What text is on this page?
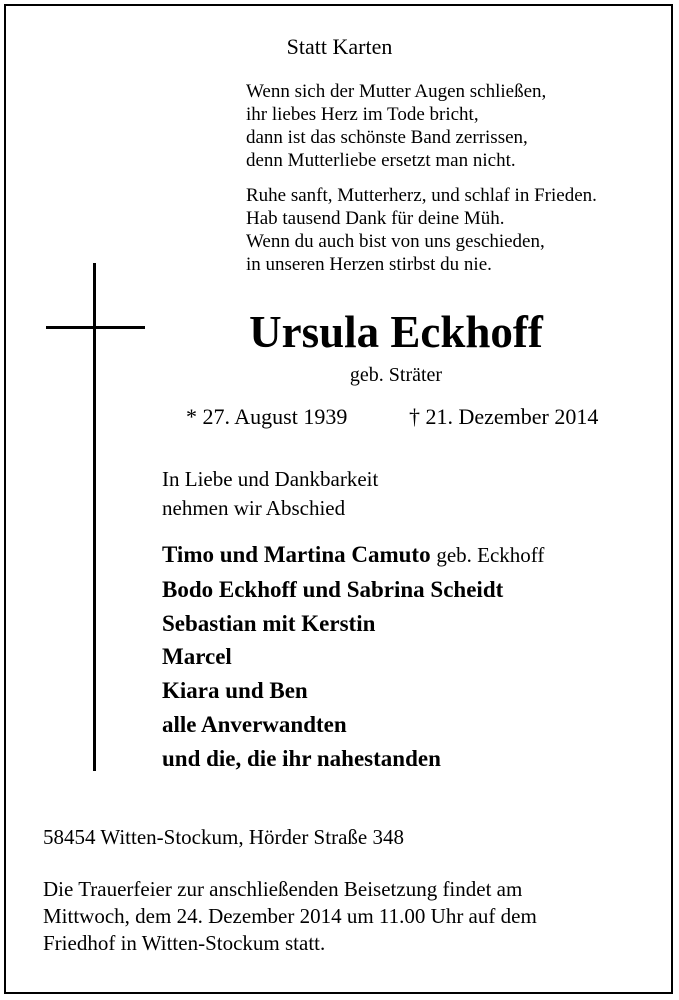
Statt Karten
Wenn sich der Mutter Augen schließen,
ihr liebes Herz im Tode bricht,
dann ist das schönste Band zerrissen,
denn Mutterliebe ersetzt man nicht.
Ruhe sanft, Mutterherz, und schlaf in Frieden.
Hab tausend Dank für deine Müh.
Wenn du auch bist von uns geschieden,
in unseren Herzen stirbst du nie.
Ursula Eckhoff
geb. Sträter
* 27. August 1939	† 21. Dezember 2014
In Liebe und Dankbarkeit
nehmen wir Abschied
Timo und Martina Camuto geb. Eckhoff
Bodo Eckhoff und Sabrina Scheidt
Sebastian mit Kerstin
Marcel
Kiara und Ben
alle Anverwandten
und die, die ihr nahestanden
58454 Witten-Stockum, Hörder Straße 348
Die Trauerfeier zur anschließenden Beisetzung findet am
Mittwoch, dem 24. Dezember 2014 um 11.00 Uhr auf dem
Friedhof in Witten-Stockum statt.
